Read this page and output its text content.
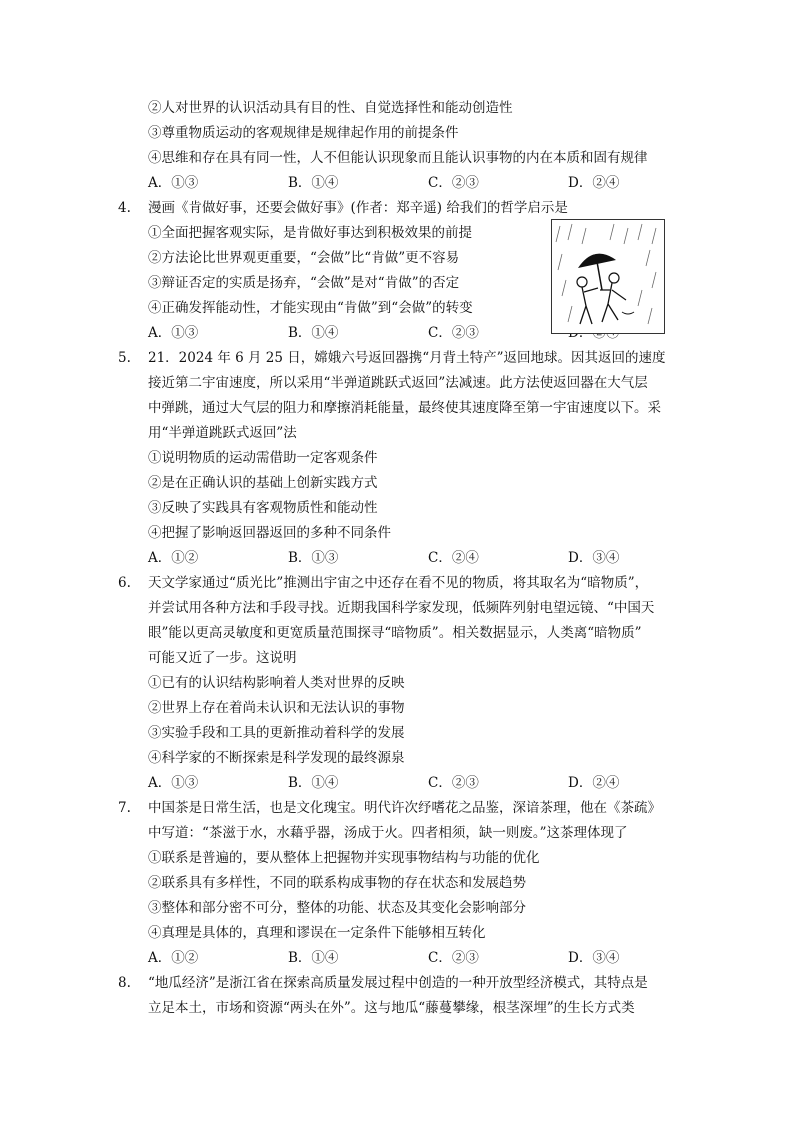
②人对世界的认识活动具有目的性、自觉选择性和能动创造性
③尊重物质运动的客观规律是规律起作用的前提条件
④思维和存在具有同一性，人不但能认识现象而且能认识事物的内在本质和固有规律
A．①③	B．①④	C．②③	D．②④
4. 漫画《肯做好事，还要会做好事》(作者：郑辛遥) 给我们的哲学启示是
①全面把握客观实际，是肯做好事达到积极效果的前提
②方法论比世界观更重要，“会做”比“肯做”更不容易
③辩证否定的实质是扬弃，“会做”是对“肯做”的否定
④正确发挥能动性，才能实现由“肯做”到“会做”的转变
A．①③	B．①④	C．②③
5. 21．2024 年 6 月 25 日，嫦娥六号返回器携“月背土特产”返回地球。因其返回的速度
接近第二宇宙速度，所以采用“半弹道跳跃式返回”法减速。此方法使返回器在大气层
中弹跳，通过大气层的阻力和摩擦消耗能量，最终使其速度降至第一宇宙速度以下。采
用“半弹道跳跃式返回”法
①说明物质的运动需借助一定客观条件
②是在正确认识的基础上创新实践方式
③反映了实践具有客观物质性和能动性
④把握了影响返回器返回的多种不同条件
A．①②	B．①③	C．②④	D．③④
6. 天文学家通过“质光比”推测出宇宙之中还存在看不见的物质，将其取名为“暗物质”，
并尝试用各种方法和手段寻找。近期我国科学家发现，低频阵列射电望远镜、“中国天
眼”能以更高灵敏度和更宽质量范围探寻“暗物质”。相关数据显示，人类离“暗物质”
可能又近了一步。这说明
①已有的认识结构影响着人类对世界的反映
②世界上存在着尚未认识和无法认识的事物
③实验手段和工具的更新推动着科学的发展
④科学家的不断探索是科学发现的最终源泉
A．①③	B．①④	C．②③	D．②④
7. 中国茶是日常生活，也是文化瑰宝。明代许次纾嗜花之品鉴，深谙茶理，他在《茶疏》
中写道：“茶滋于水，水藉乎器，汤成于火。四者相须，缺一则废。”这茶理体现了
①联系是普遍的，要从整体上把握物并实现事物结构与功能的优化
②联系具有多样性，不同的联系构成事物的存在状态和发展趋势
③整体和部分密不可分，整体的功能、状态及其变化会影响部分
④真理是具体的，真理和谬误在一定条件下能够相互转化
A．①②	B．①④	C．②③	D．③④
8. “地瓜经济”是浙江省在探索高质量发展过程中创造的一种开放型经济模式，其特点是
立足本土，市场和资源“两头在外”。这与地瓜“藤蔓攀缘，根茎深埋”的生长方式类
